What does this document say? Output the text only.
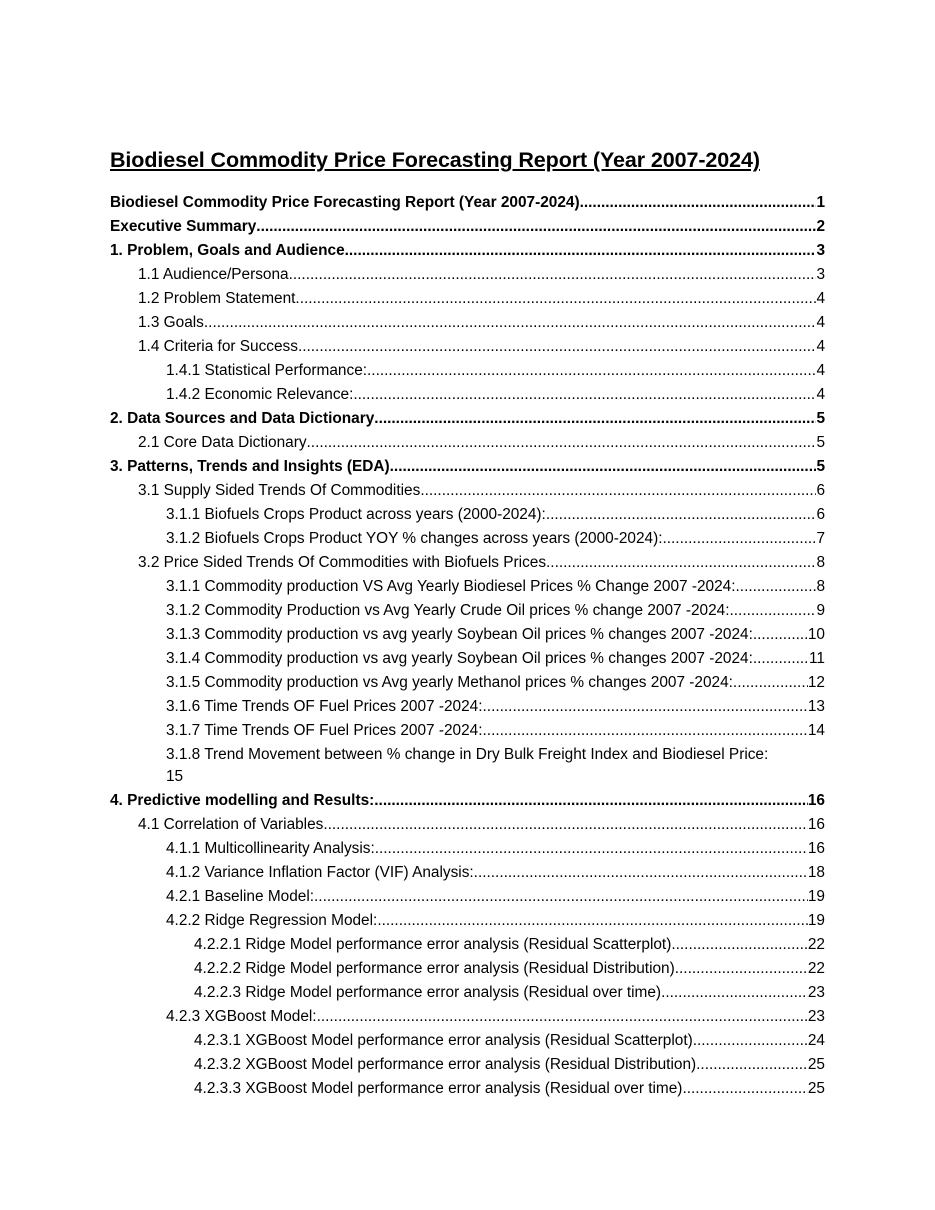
Biodiesel Commodity Price Forecasting Report (Year 2007-2024)
Biodiesel Commodity Price Forecasting Report (Year 2007-2024) .....	1
Executive Summary .....	2
1. Problem, Goals and Audience .....	3
1.1 Audience/Persona .....	3
1.2 Problem Statement .....	4
1.3 Goals .....	4
1.4 Criteria for Success .....	4
1.4.1 Statistical Performance: .....	4
1.4.2 Economic Relevance: .....	4
2. Data Sources and Data Dictionary .....	5
2.1 Core Data Dictionary .....	5
3. Patterns, Trends and Insights (EDA) .....	5
3.1 Supply Sided Trends Of Commodities .....	6
3.1.1 Biofuels Crops Product across years (2000-2024): .....	6
3.1.2 Biofuels Crops Product YOY % changes across years (2000-2024): .....	7
3.2 Price Sided Trends Of Commodities with Biofuels Prices .....	8
3.1.1 Commodity production VS Avg Yearly Biodiesel Prices % Change 2007 -2024: .....	8
3.1.2 Commodity Production vs Avg Yearly Crude Oil prices % change 2007 -2024: .....	9
3.1.3 Commodity production vs avg yearly Soybean Oil prices % changes 2007 -2024: .....	10
3.1.4 Commodity production vs avg yearly Soybean Oil prices % changes 2007 -2024: .....	11
3.1.5 Commodity production vs Avg yearly Methanol prices % changes 2007 -2024: .....	12
3.1.6 Time Trends OF Fuel Prices 2007 -2024: .....	13
3.1.7 Time Trends OF Fuel Prices 2007 -2024: .....	14
3.1.8 Trend Movement between % change in Dry Bulk Freight Index and Biodiesel Price:
15
4. Predictive modelling and Results: .....	16
4.1 Correlation of Variables .....	16
4.1.1 Multicollinearity Analysis: .....	16
4.1.2 Variance Inflation Factor (VIF) Analysis: .....	18
4.2.1 Baseline Model: .....	19
4.2.2 Ridge Regression Model: .....	19
4.2.2.1 Ridge Model performance error analysis (Residual Scatterplot) .....	22
4.2.2.2 Ridge Model performance error analysis (Residual Distribution) .....	22
4.2.2.3 Ridge Model performance error analysis (Residual over time) .....	23
4.2.3 XGBoost Model: .....	23
4.2.3.1 XGBoost Model performance error analysis (Residual Scatterplot) .....	24
4.2.3.2 XGBoost Model performance error analysis (Residual Distribution) .....	25
4.2.3.3 XGBoost Model performance error analysis (Residual over time) .....	25
